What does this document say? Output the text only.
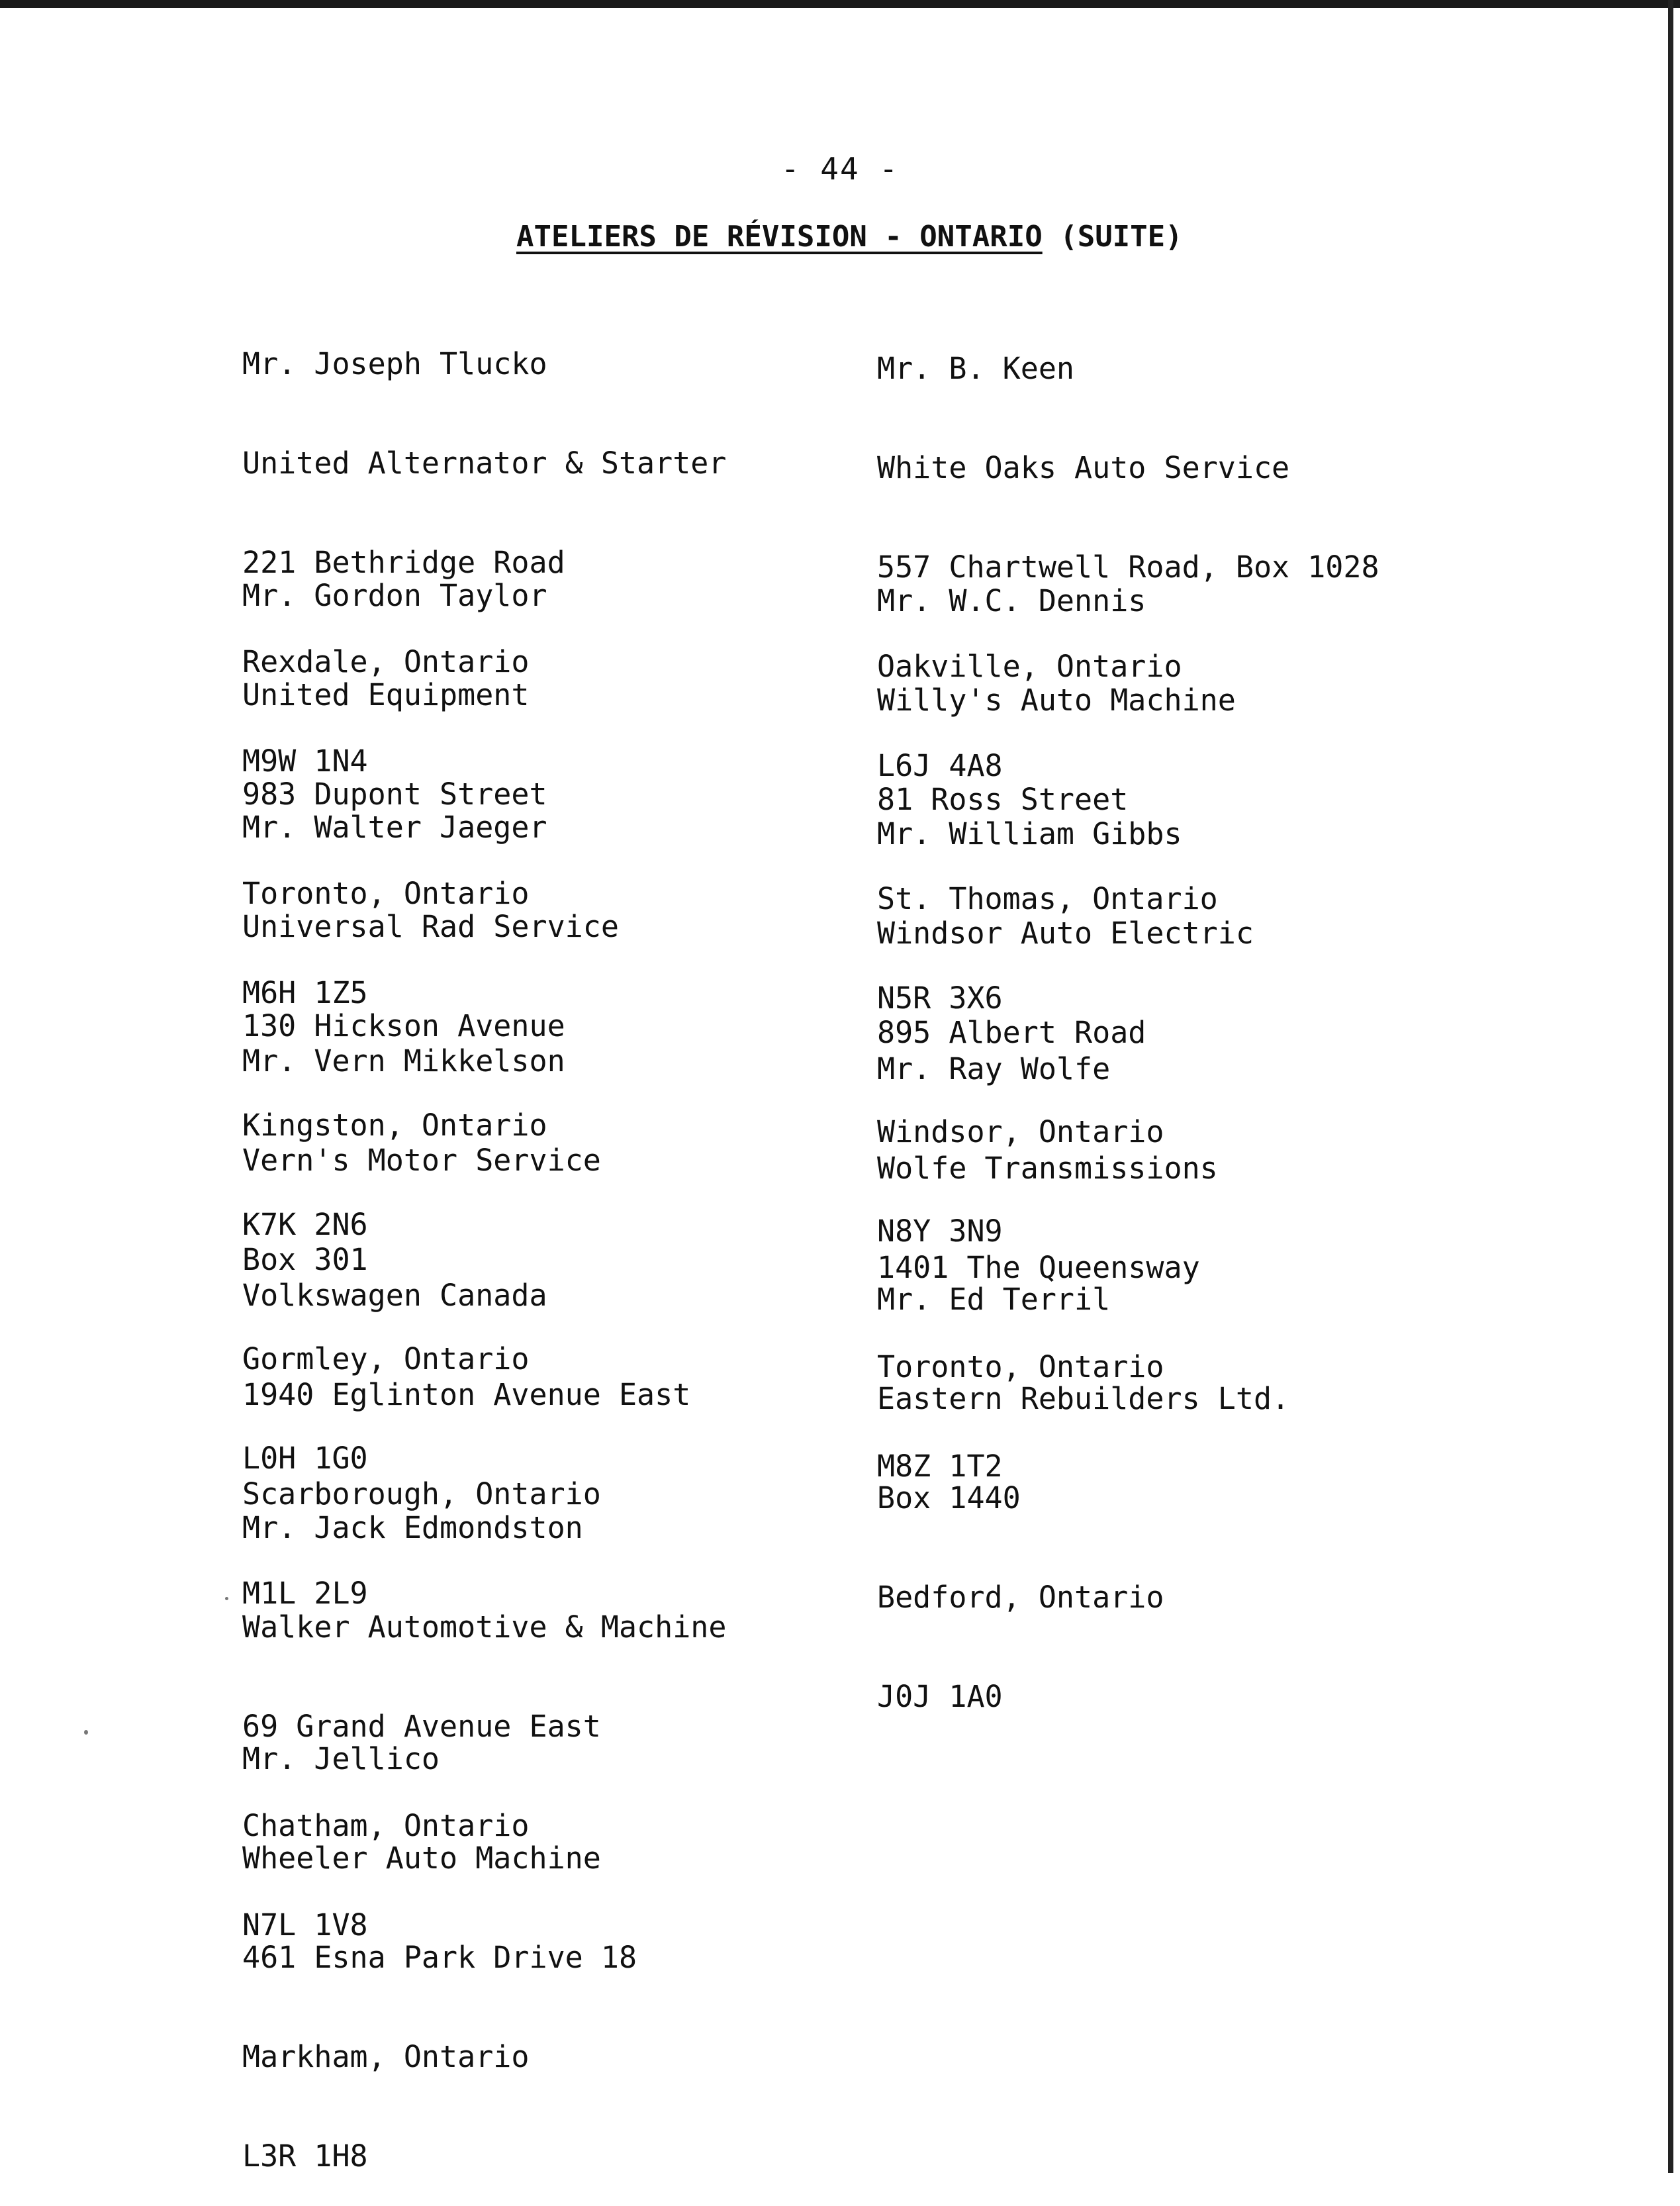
- 44 -
ATELIERS DE RÉVISION - ONTARIO (SUITE)

Mr. Joseph Tlucko

United Alternator & Starter

221 Bethridge Road

Rexdale, Ontario

M9W 1N4

Mr. Gordon Taylor

United Equipment

983 Dupont Street

Toronto, Ontario

M6H 1Z5

Mr. Walter Jaeger

Universal Rad Service

130 Hickson Avenue

Kingston, Ontario

K7K 2N6

Mr. Vern Mikkelson

Vern's Motor Service

Box 301

Gormley, Ontario

L0H 1G0

Volkswagen Canada

1940 Eglinton Avenue East

Scarborough, Ontario

M1L 2L9

Mr. Jack Edmondston

Walker Automotive & Machine

69 Grand Avenue East

Chatham, Ontario

N7L 1V8

Mr. Jellico

Wheeler Auto Machine

461 Esna Park Drive 18

Markham, Ontario

L3R 1H8

Mr. B. Keen

White Oaks Auto Service

557 Chartwell Road, Box 1028

Oakville, Ontario

L6J 4A8

Mr. W.C. Dennis

Willy's Auto Machine

81 Ross Street

St. Thomas, Ontario

N5R 3X6

Mr. William Gibbs

Windsor Auto Electric

895 Albert Road

Windsor, Ontario

N8Y 3N9

Mr. Ray Wolfe

Wolfe Transmissions

1401 The Queensway

Toronto, Ontario

M8Z 1T2

Mr. Ed Terril

Eastern Rebuilders Ltd.

Box 1440

Bedford, Ontario

J0J 1A0
